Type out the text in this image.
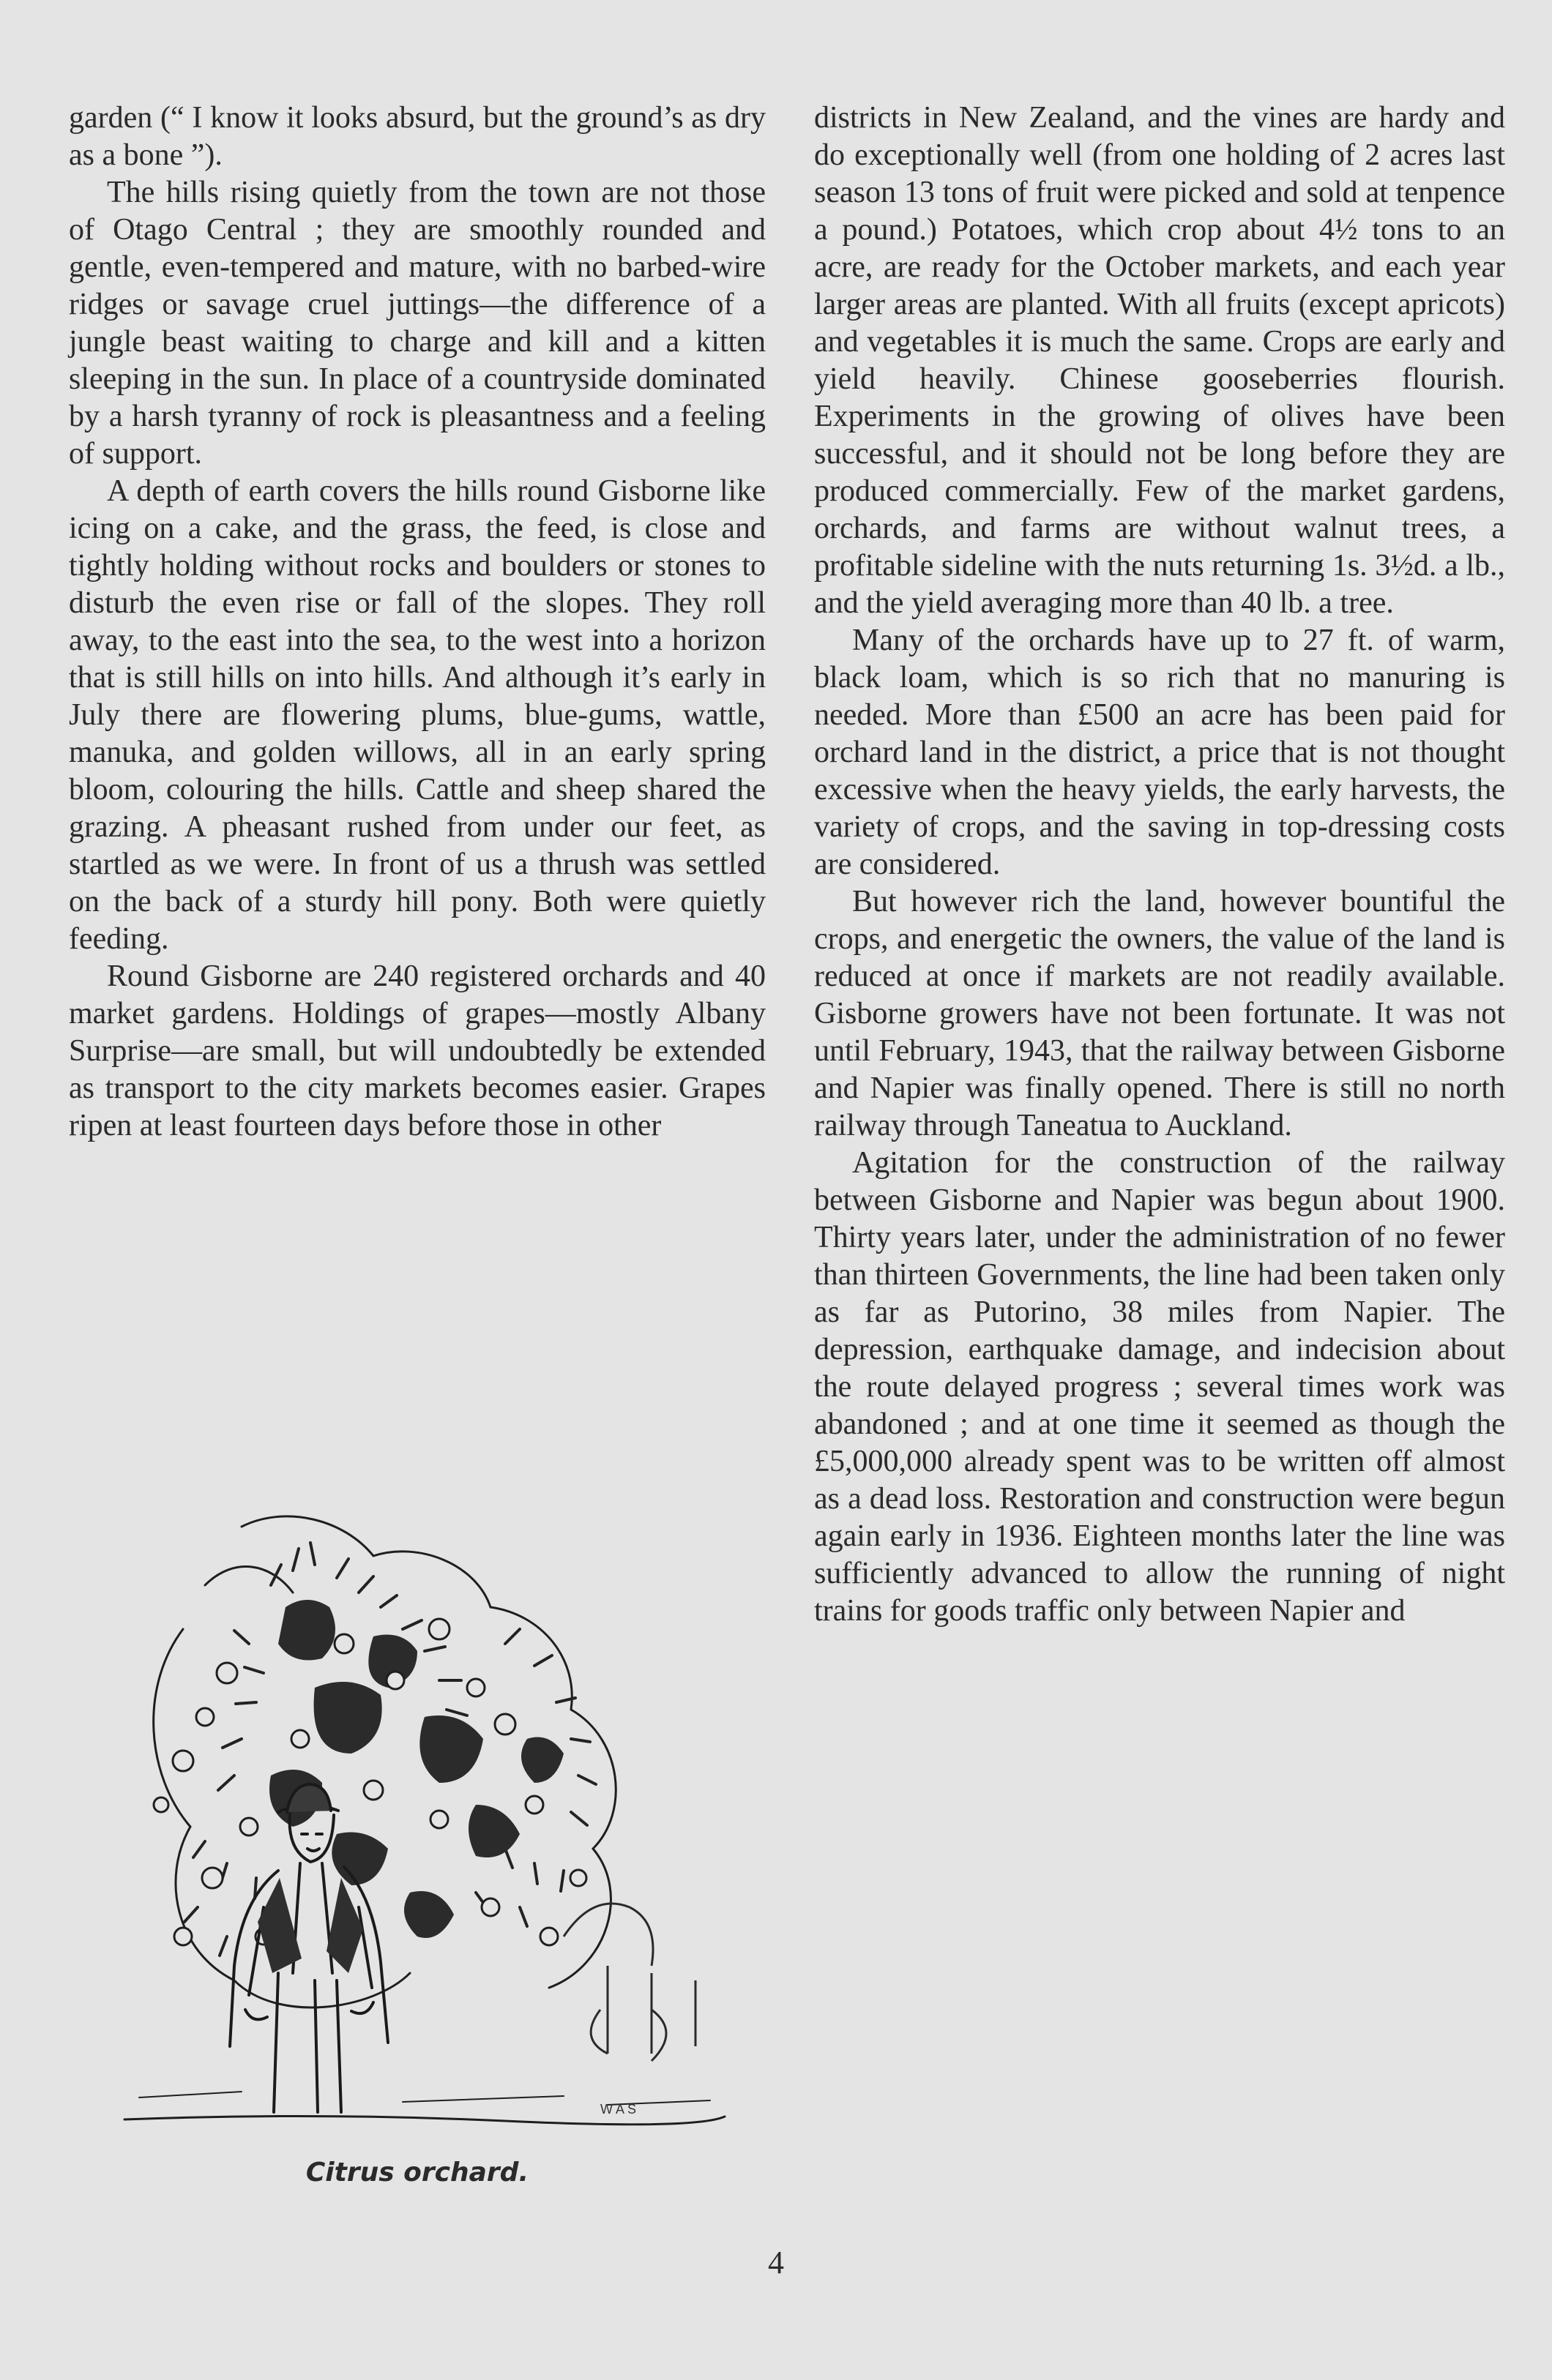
garden (“ I know it looks absurd, but the ground’s as dry as a bone ”).

The hills rising quietly from the town are not those of Otago Central ; they are smoothly rounded and gentle, even-tempered and mature, with no barbed-wire ridges or savage cruel juttings—the difference of a jungle beast waiting to charge and kill and a kitten sleeping in the sun. In place of a countryside dominated by a harsh tyranny of rock is pleasantness and a feeling of support.

A depth of earth covers the hills round Gisborne like icing on a cake, and the grass, the feed, is close and tightly holding without rocks and boulders or stones to disturb the even rise or fall of the slopes. They roll away, to the east into the sea, to the west into a horizon that is still hills on into hills. And although it’s early in July there are flowering plums, blue-gums, wattle, manuka, and golden willows, all in an early spring bloom, colouring the hills. Cattle and sheep shared the grazing. A pheasant rushed from under our feet, as startled as we were. In front of us a thrush was settled on the back of a sturdy hill pony. Both were quietly feeding.

Round Gisborne are 240 registered orchards and 40 market gardens. Holdings of grapes—mostly Albany Surprise—are small, but will undoubtedly be extended as transport to the city markets becomes easier. Grapes ripen at least fourteen days before those in other

districts in New Zealand, and the vines are hardy and do exceptionally well (from one holding of 2 acres last season 13 tons of fruit were picked and sold at tenpence a pound.) Potatoes, which crop about 4½ tons to an acre, are ready for the October markets, and each year larger areas are planted. With all fruits (except apricots) and vegetables it is much the same. Crops are early and yield heavily. Chinese gooseberries flourish. Experiments in the growing of olives have been successful, and it should not be long before they are produced commercially. Few of the market gardens, orchards, and farms are without walnut trees, a profitable sideline with the nuts returning 1s. 3½d. a lb., and the yield averaging more than 40 lb. a tree.

Many of the orchards have up to 27 ft. of warm, black loam, which is so rich that no manuring is needed. More than £500 an acre has been paid for orchard land in the district, a price that is not thought excessive when the heavy yields, the early harvests, the variety of crops, and the saving in top-dressing costs are considered.

But however rich the land, however bountiful the crops, and energetic the owners, the value of the land is reduced at once if markets are not readily available. Gisborne growers have not been fortunate. It was not until February, 1943, that the railway between Gisborne and Napier was finally opened. There is still no north railway through Taneatua to Auckland.

Agitation for the construction of the railway between Gisborne and Napier was begun about 1900. Thirty years later, under the administration of no fewer than thirteen Governments, the line had been taken only as far as Putorino, 38 miles from Napier. The depression, earthquake damage, and indecision about the route delayed progress ; several times work was abandoned ; and at one time it seemed as though the £5,000,000 already spent was to be written off almost as a dead loss. Restoration and construction were begun again early in 1936. Eighteen months later the line was sufficiently advanced to allow the running of night trains for goods traffic only between Napier and

W A S
Citrus orchard.
4
